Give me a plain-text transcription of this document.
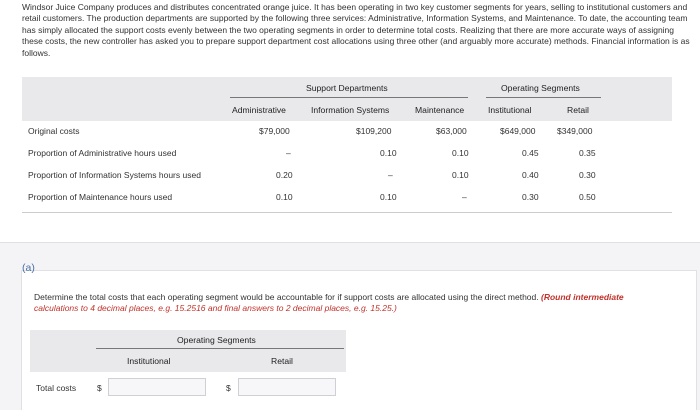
Windsor Juice Company produces and distributes concentrated orange juice. It has been operating in two key customer segments for years, selling to institutional customers and retail customers. The production departments are supported by the following three services: Administrative, Information Systems, and Maintenance. To date, the accounting team has simply allocated the support costs evenly between the two operating segments in order to determine total costs. Realizing that there are more accurate ways of assigning these costs, the new controller has asked you to prepare support department cost allocations using three other (and arguably more accurate) methods. Financial information is as follows.
Support Departments	Operating Segments
Administrative	Information Systems	Maintenance	Institutional	Retail
Original costs	$79,000	$109,200	$63,000	$649,000	$349,000
Proportion of Administrative hours used	–	0.10	0.10	0.45	0.35
Proportion of Information Systems hours used	0.20	–	0.10	0.40	0.30
Proportion of Maintenance hours used	0.10	0.10	–	0.30	0.50
(a)
Determine the total costs that each operating segment would be accountable for if support costs are allocated using the direct method. (Round intermediate
calculations to 4 decimal places, e.g. 15.2516 and final answers to 2 decimal places, e.g. 15.25.)
Operating Segments
Institutional	Retail
Total costs $	$
